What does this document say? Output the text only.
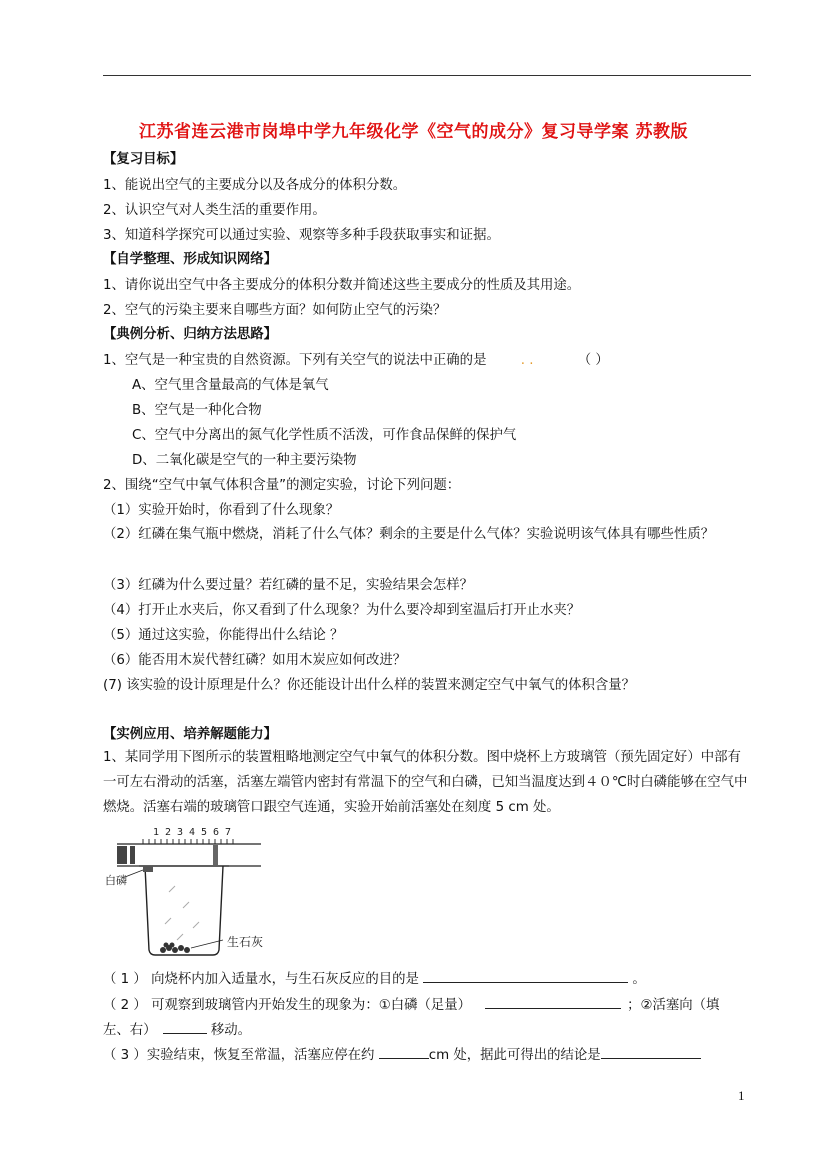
江苏省连云港市岗埠中学九年级化学《空气的成分》复习导学案 苏教版
【复习目标】
1、能说出空气的主要成分以及各成分的体积分数。
2、认识空气对人类生活的重要作用。
3、知道科学探究可以通过实验、观察等多种手段获取事实和证据。
【自学整理、形成知识网络】
1、请你说出空气中各主要成分的体积分数并简述这些主要成分的性质及其用途。
2、空气的污染主要来自哪些方面？如何防止空气的污染？
【典例分析、归纳方法思路】
1、空气是一种宝贵的自然资源。下列有关空气的说法中正确的是	. .	（ ）
A、空气里含量最高的气体是氧气
B、空气是一种化合物
C、空气中分离出的氮气化学性质不活泼，可作食品保鲜的保护气
D、二氧化碳是空气的一种主要污染物
2、围绕“空气中氧气体积含量”的测定实验，讨论下列问题：
（1）实验开始时，你看到了什么现象？
（2）红磷在集气瓶中燃烧，消耗了什么气体？剩余的主要是什么气体？实验说明该气体具有哪些性质？
（3）红磷为什么要过量？若红磷的量不足，实验结果会怎样？
（4）打开止水夹后，你又看到了什么现象？为什么要冷却到室温后打开止水夹？
（5）通过这实验，你能得出什么结论 ？
（6）能否用木炭代替红磷？如用木炭应如何改进？
(7) 该实验的设计原理是什么？你还能设计出什么样的装置来测定空气中氧气的体积含量？
【实例应用、培养解题能力】
1、某同学用下图所示的装置粗略地测定空气中氧气的体积分数。图中烧杯上方玻璃管（预先固定好）中部有一可左右滑动的活塞，活塞左端管内密封有常温下的空气和白磷，已知当温度达到４０℃时白磷能够在空气中燃烧。活塞右端的玻璃管口跟空气连通，实验开始前活塞处在刻度 5 cm 处。
1 2 3 4 5 6 7
白磷
生石灰
（ 1 ） 向烧杯内加入适量水，与生石灰反应的目的是	。
（ 2 ） 可观察到玻璃管内开始发生的现象为：①白磷（足量）	；②活塞向（填
左、右）	移动。
（ 3 ）实验结束，恢复至常温，活塞应停在约	cm 处，据此可得出的结论是
1
